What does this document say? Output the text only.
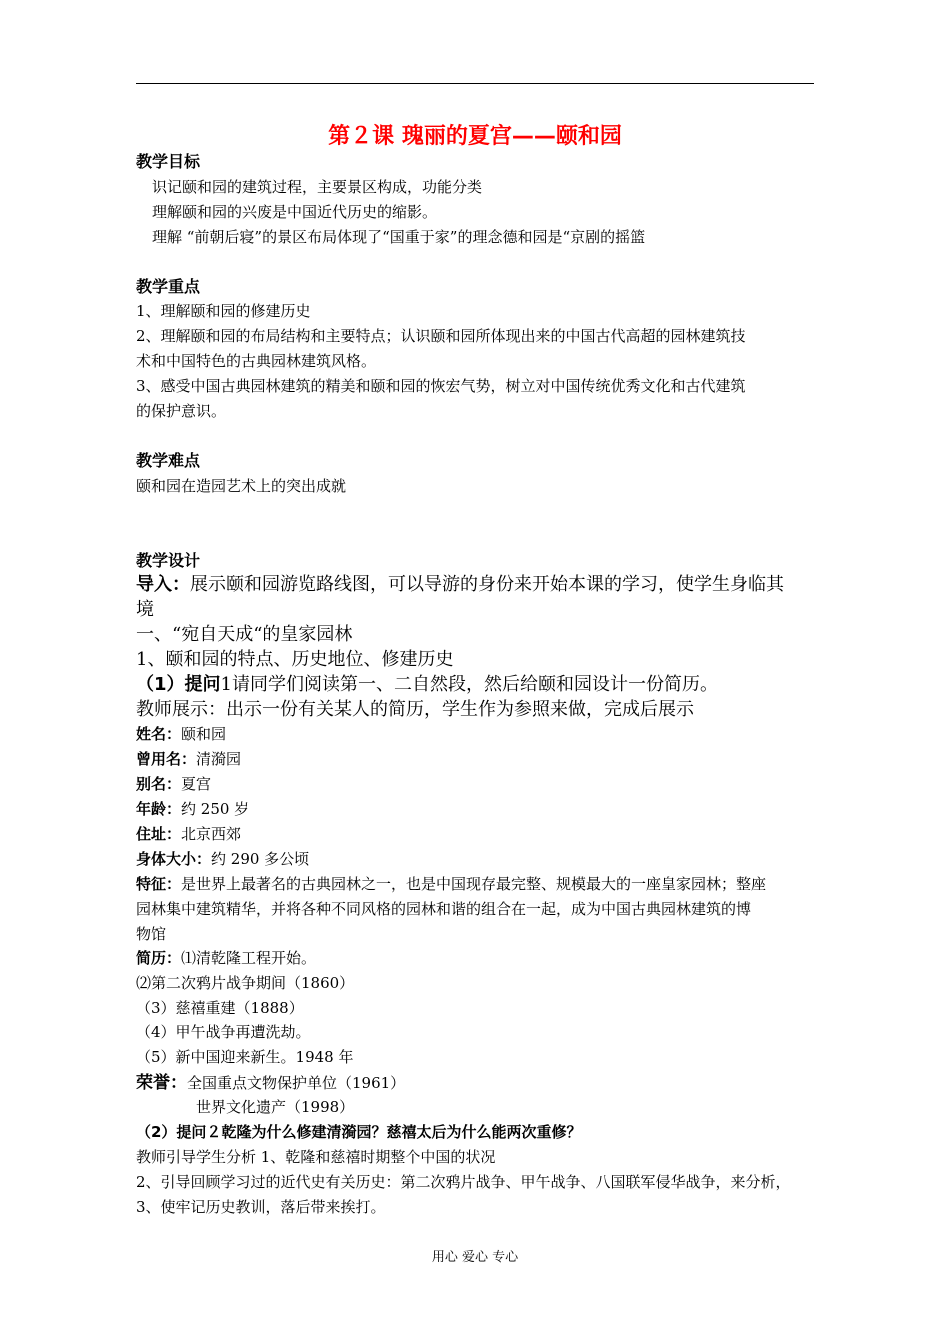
第２课 瑰丽的夏宫——颐和园
教学目标
识记颐和园的建筑过程，主要景区构成，功能分类
理解颐和园的兴废是中国近代历史的缩影。
理解 “前朝后寝”的景区布局体现了“国重于家”的理念德和园是“京剧的摇篮
教学重点
1、理解颐和园的修建历史
2、理解颐和园的布局结构和主要特点；认识颐和园所体现出来的中国古代高超的园林建筑技
术和中国特色的古典园林建筑风格。
3、感受中国古典园林建筑的精美和颐和园的恢宏气势，树立对中国传统优秀文化和古代建筑
的保护意识。
教学难点
颐和园在造园艺术上的突出成就
教学设计
导入：展示颐和园游览路线图，可以导游的身份来开始本课的学习，使学生身临其
境
一、“宛自天成“的皇家园林
1、颐和园的特点、历史地位、修建历史
（1）提问1请同学们阅读第一、二自然段，然后给颐和园设计一份简历。
教师展示：出示一份有关某人的简历，学生作为参照来做，完成后展示
姓名：颐和园
曾用名：清漪园
别名：夏宫
年龄：约 250 岁
住址：北京西郊
身体大小：约 290 多公顷
特征：是世界上最著名的古典园林之一，也是中国现存最完整、规模最大的一座皇家园林；整座
园林集中建筑精华，并将各种不同风格的园林和谐的组合在一起，成为中国古典园林建筑的博
物馆
简历：⑴清乾隆工程开始。
⑵第二次鸦片战争期间（1860）
（3）慈禧重建（1888）
（4）甲午战争再遭洗劫。
（5）新中国迎来新生。1948 年
荣誉：全国重点文物保护单位（1961）
世界文化遗产（1998）
（2）提问２乾隆为什么修建清漪园？慈禧太后为什么能两次重修？
教师引导学生分析 1、乾隆和慈禧时期整个中国的状况
2、引导回顾学习过的近代史有关历史：第二次鸦片战争、甲午战争、八国联军侵华战争，来分析，
3、使牢记历史教训，落后带来挨打。
用心 爱心 专心
